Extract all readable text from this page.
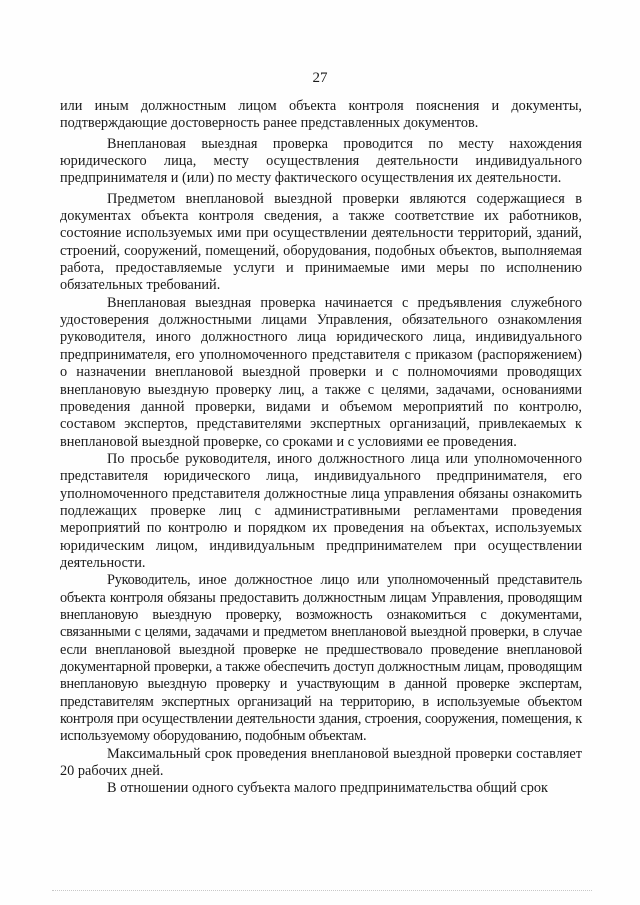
27

или иным должностным лицом объекта контроля пояснения и документы, подтверждающие достоверность ранее представленных документов.

Внеплановая выездная проверка проводится по месту нахождения юридического лица, месту осуществления деятельности индивидуального предпринимателя и (или) по месту фактического осуществления их деятельности.

Предметом внеплановой выездной проверки являются содержащиеся в документах объекта контроля сведения, а также соответствие их работников, состояние используемых ими при осуществлении деятельности территорий, зданий, строений, сооружений, помещений, оборудования, подобных объектов, выполняемая работа, предоставляемые услуги и принимаемые ими меры по исполнению обязательных требований.

Внеплановая выездная проверка начинается с предъявления служебного удостоверения должностными лицами Управления, обязательного ознакомления руководителя, иного должностного лица юридического лица, индивидуального предпринимателя, его уполномоченного представителя с приказом (распоряжением) о назначении внеплановой выездной проверки и с полномочиями проводящих внеплановую выездную проверку лиц, а также с целями, задачами, основаниями проведения данной проверки, видами и объемом мероприятий по контролю, составом экспертов, представителями экспертных организаций, привлекаемых к внеплановой выездной проверке, со сроками и с условиями ее проведения.

По просьбе руководителя, иного должностного лица или уполномоченного представителя юридического лица, индивидуального предпринимателя, его уполномоченного представителя должностные лица управления обязаны ознакомить подлежащих проверке лиц с административными регламентами проведения мероприятий по контролю и порядком их проведения на объектах, используемых юридическим лицом, индивидуальным предпринимателем при осуществлении деятельности.

Руководитель, иное должностное лицо или уполномоченный представитель объекта контроля обязаны предоставить должностным лицам Управления, проводящим внеплановую выездную проверку, возможность ознакомиться с документами, связанными с целями, задачами и предметом внеплановой выездной проверки, в случае если внеплановой выездной проверке не предшествовало проведение внеплановой документарной проверки, а также обеспечить доступ должностным лицам, проводящим внеплановую выездную проверку и участвующим в данной проверке экспертам, представителям экспертных организаций на территорию, в используемые объектом контроля при осуществлении деятельности здания, строения, сооружения, помещения, к используемому оборудованию, подобным объектам.

Максимальный срок проведения внеплановой выездной проверки составляет 20 рабочих дней.

В отношении одного субъекта малого предпринимательства общий срок
